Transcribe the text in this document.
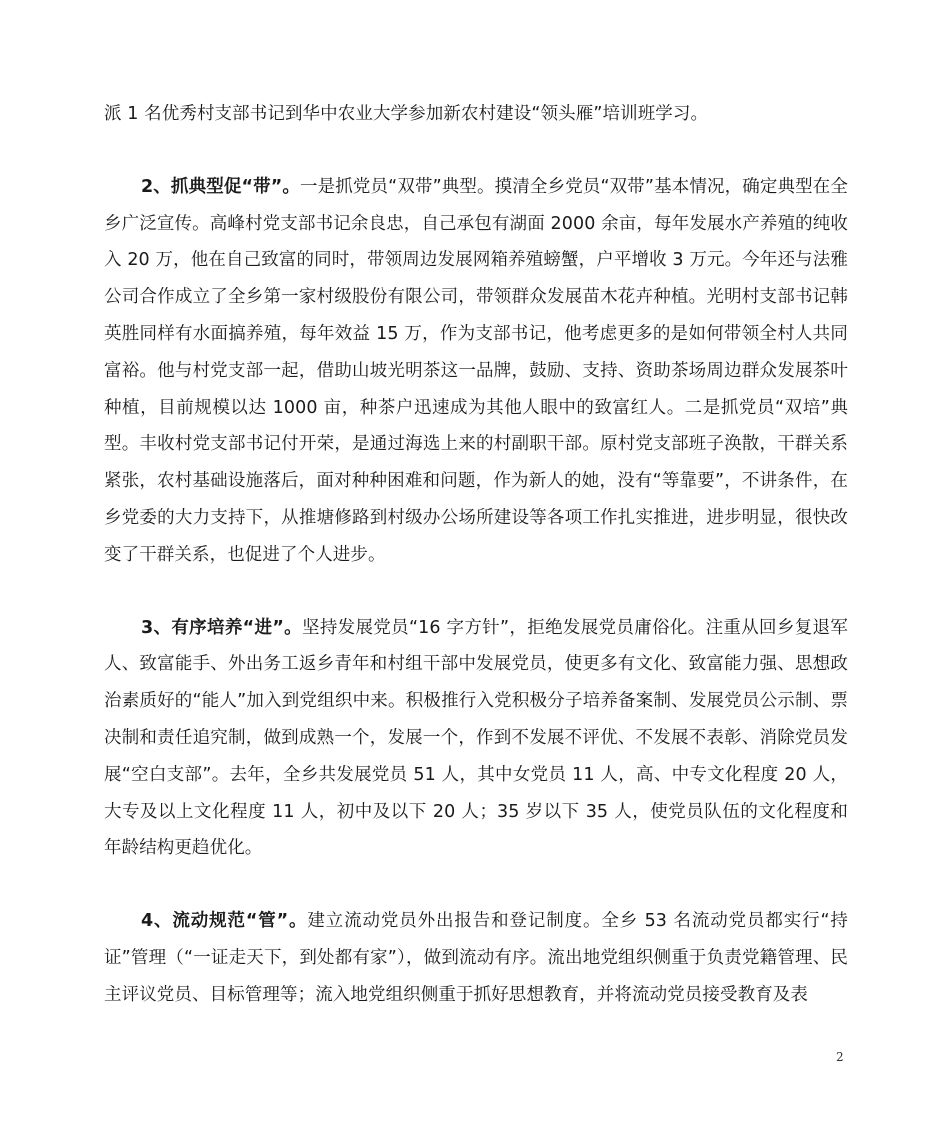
派 1 名优秀村支部书记到华中农业大学参加新农村建设“领头雁”培训班学习。

2、抓典型促“带”。一是抓党员“双带”典型。摸清全乡党员“双带”基本情况，确定典型在全乡广泛宣传。高峰村党支部书记余良忠，自己承包有湖面 2000 余亩，每年发展水产养殖的纯收入 20 万，他在自己致富的同时，带领周边发展网箱养殖螃蟹，户平增收 3 万元。今年还与法雅公司合作成立了全乡第一家村级股份有限公司，带领群众发展苗木花卉种植。光明村支部书记韩英胜同样有水面搞养殖，每年效益 15 万，作为支部书记，他考虑更多的是如何带领全村人共同富裕。他与村党支部一起，借助山坡光明茶这一品牌，鼓励、支持、资助茶场周边群众发展茶叶种植，目前规模以达 1000 亩，种茶户迅速成为其他人眼中的致富红人。二是抓党员“双培”典型。丰收村党支部书记付开荣，是通过海选上来的村副职干部。原村党支部班子涣散，干群关系紧张，农村基础设施落后，面对种种困难和问题，作为新人的她，没有“等靠要”，不讲条件，在乡党委的大力支持下，从推塘修路到村级办公场所建设等各项工作扎实推进，进步明显，很快改变了干群关系，也促进了个人进步。

3、有序培养“进”。坚持发展党员“16 字方针”，拒绝发展党员庸俗化。注重从回乡复退军人、致富能手、外出务工返乡青年和村组干部中发展党员，使更多有文化、致富能力强、思想政治素质好的“能人”加入到党组织中来。积极推行入党积极分子培养备案制、发展党员公示制、票决制和责任追究制，做到成熟一个，发展一个，作到不发展不评优、不发展不表彰、消除党员发展“空白支部”。去年，全乡共发展党员 51 人，其中女党员 11 人，高、中专文化程度 20 人，大专及以上文化程度 11 人，初中及以下 20 人；35 岁以下 35 人，使党员队伍的文化程度和年龄结构更趋优化。

4、流动规范“管”。建立流动党员外出报告和登记制度。全乡 53 名流动党员都实行“持证”管理（“一证走天下，到处都有家”），做到流动有序。流出地党组织侧重于负责党籍管理、民主评议党员、目标管理等；流入地党组织侧重于抓好思想教育，并将流动党员接受教育及表

2
